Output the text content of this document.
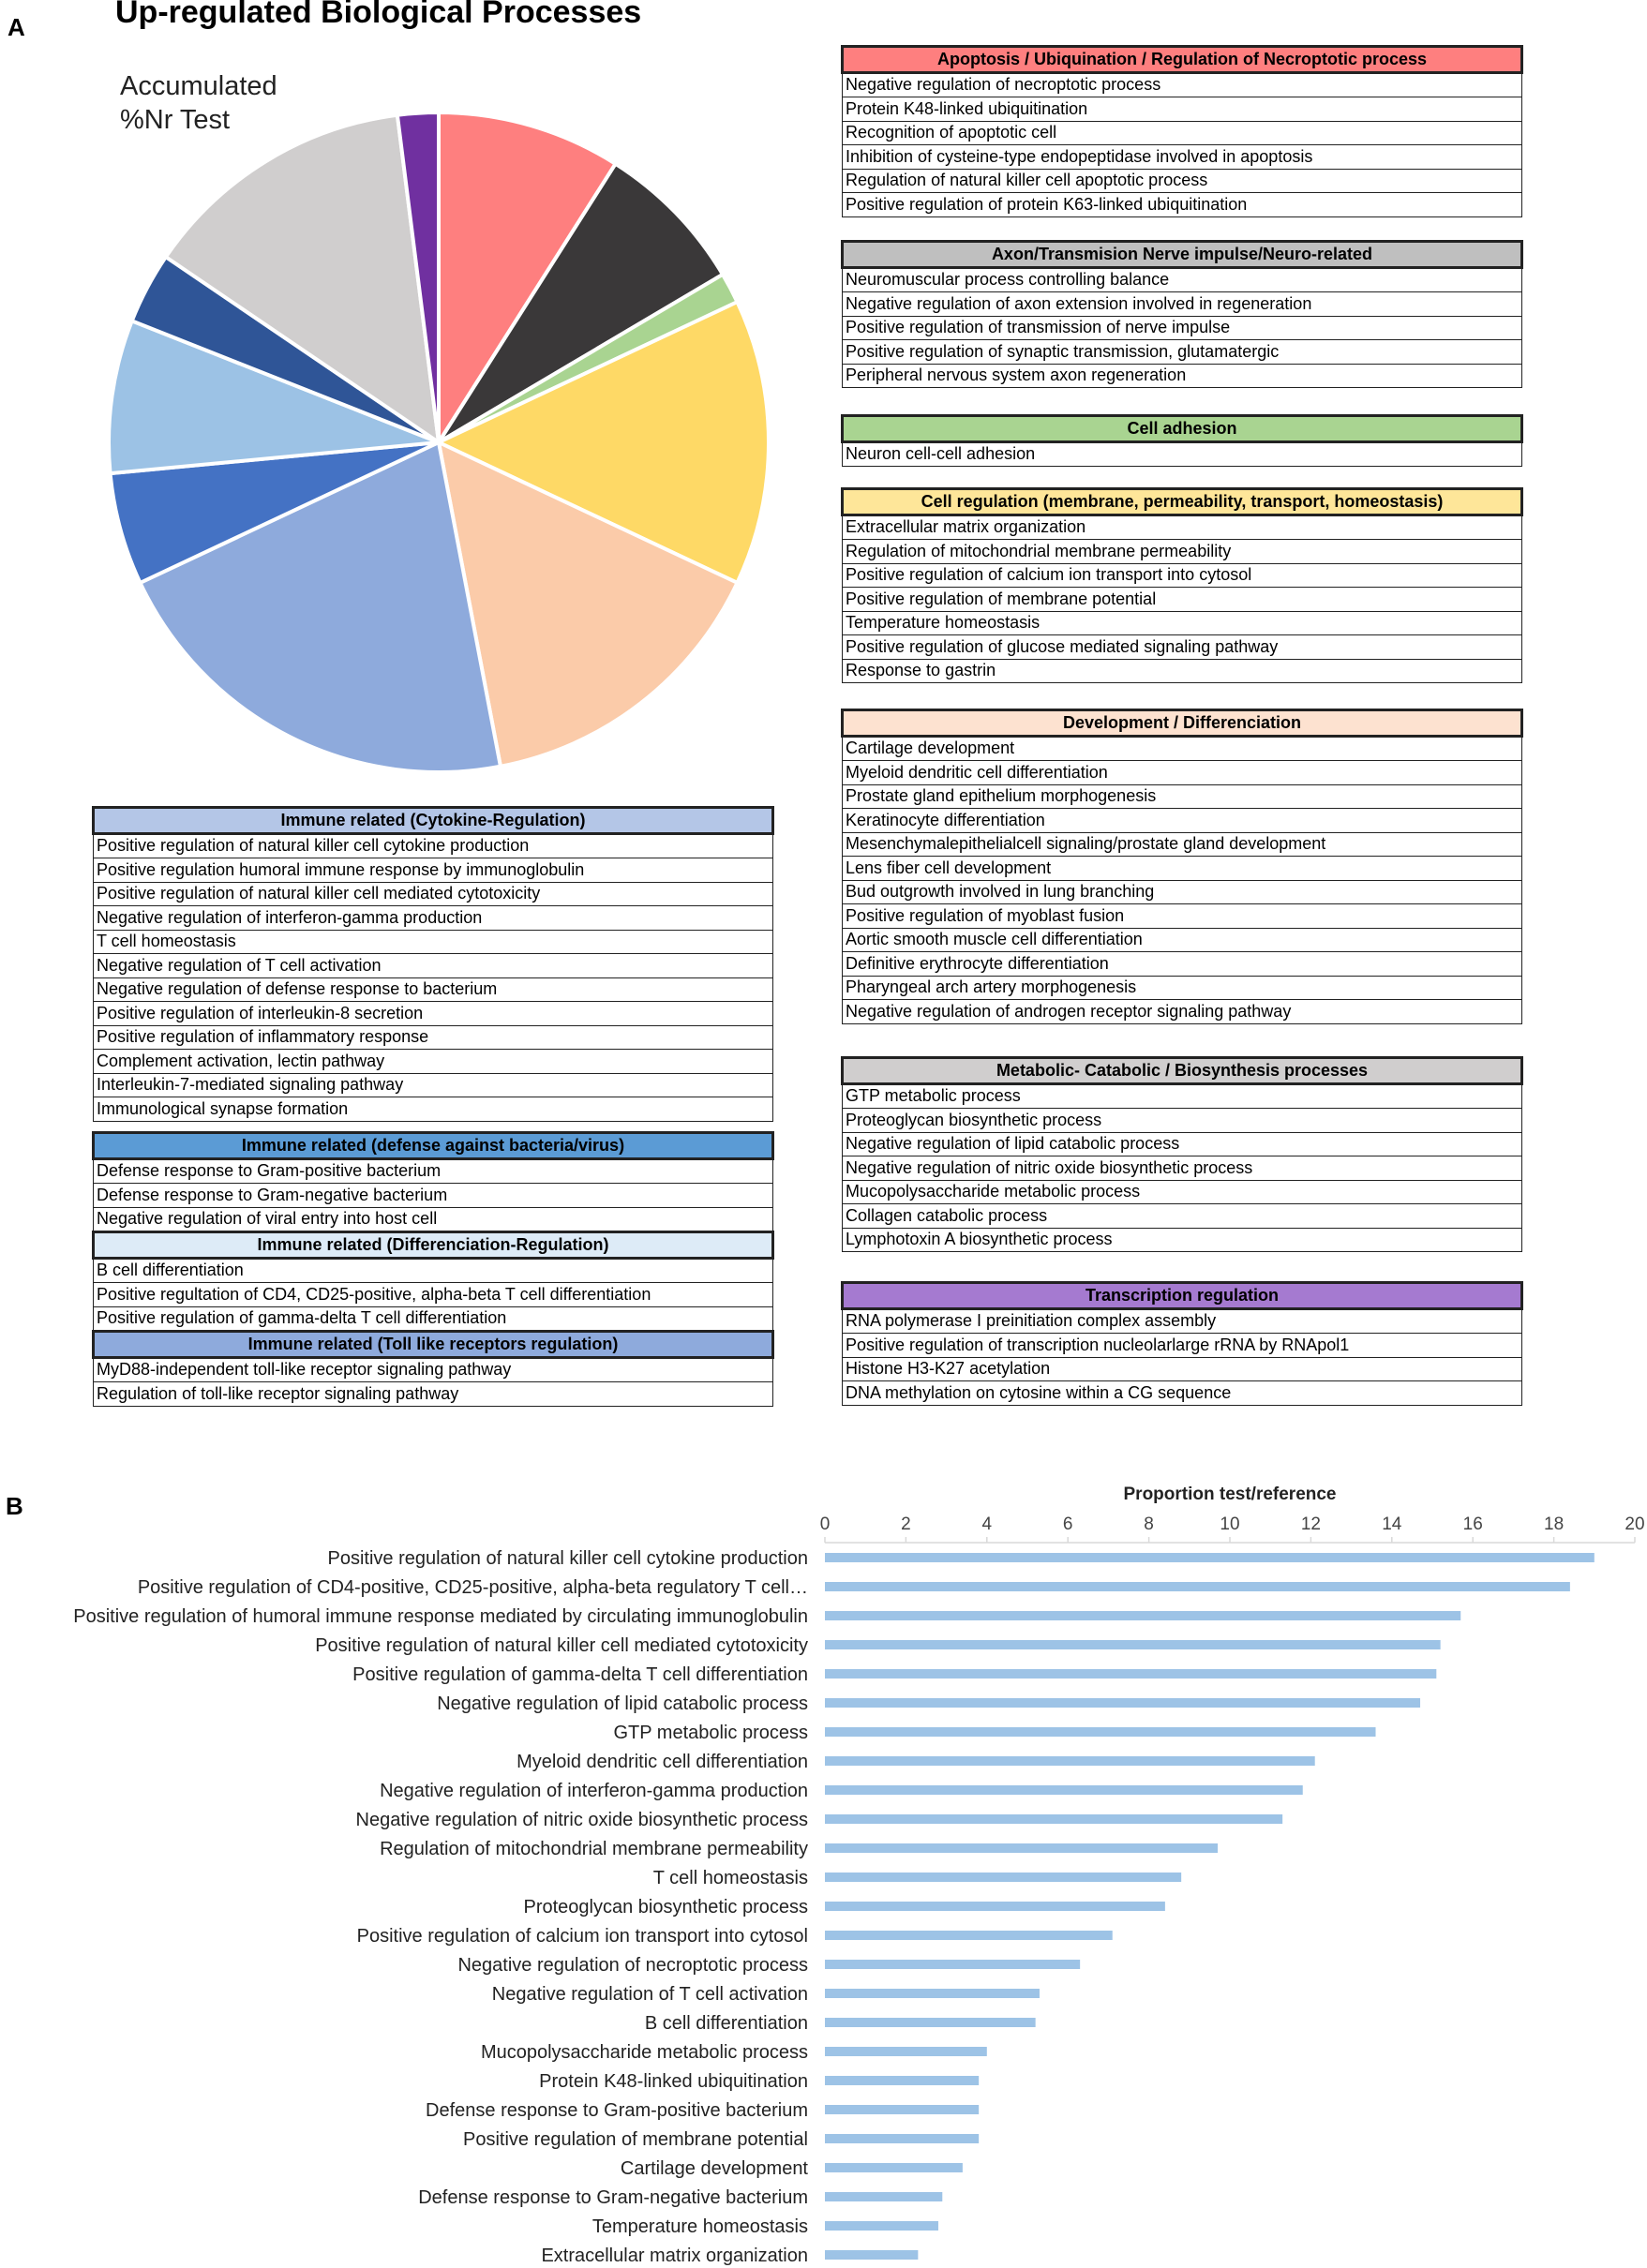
A	Up-regulated Biological Processes
Accumulated
%Nr Test
Apoptosis / Ubiquination / Regulation of Necroptotic process
Negative regulation of necroptotic process
Protein K48-linked ubiquitination
Recognition of apoptotic cell
Inhibition of cysteine-type endopeptidase involved in apoptosis
Regulation of natural killer cell apoptotic process
Positive regulation of protein K63-linked ubiquitination
Axon/Transmision Nerve impulse/Neuro-related
Neuromuscular process controlling balance
Negative regulation of axon extension involved in regeneration
Positive regulation of transmission of nerve impulse
Positive regulation of synaptic transmission, glutamatergic
Peripheral nervous system axon regeneration
Cell adhesion
Neuron cell-cell adhesion
Cell regulation (membrane, permeability, transport, homeostasis)
Extracellular matrix organization
Regulation of mitochondrial membrane permeability
Positive regulation of calcium ion transport into cytosol
Positive regulation of membrane potential
Temperature homeostasis
Positive regulation of glucose mediated signaling pathway
Response to gastrin
Development / Differenciation
Cartilage development
Myeloid dendritic cell differentiation
Prostate gland epithelium morphogenesis
Keratinocyte differentiation
Mesenchymalepithelialcell signaling/prostate gland development
Lens fiber cell development
Bud outgrowth involved in lung branching
Positive regulation of myoblast fusion
Aortic smooth muscle cell differentiation
Definitive erythrocyte differentiation
Pharyngeal arch artery morphogenesis
Negative regulation of androgen receptor signaling pathway
Metabolic- Catabolic / Biosynthesis processes
GTP metabolic process
Proteoglycan biosynthetic process
Negative regulation of lipid catabolic process
Negative regulation of nitric oxide biosynthetic process
Mucopolysaccharide metabolic process
Collagen catabolic process
Lymphotoxin A biosynthetic process
Transcription regulation
RNA polymerase I preinitiation complex assembly
Positive regulation of transcription nucleolarlarge rRNA by RNApol1
Histone H3-K27 acetylation
DNA methylation on cytosine within a CG sequence
Immune related (Cytokine-Regulation)
Positive regulation of natural killer cell cytokine production
Positive regulation humoral immune response by immunoglobulin
Positive regulation of natural killer cell mediated cytotoxicity
Negative regulation of interferon-gamma production
T cell homeostasis
Negative regulation of T cell activation
Negative regulation of defense response to bacterium
Positive regulation of interleukin-8 secretion
Positive regulation of inflammatory response
Complement activation, lectin pathway
Interleukin-7-mediated signaling pathway
Immunological synapse formation
Immune related (defense against bacteria/virus)
Defense response to Gram-positive bacterium
Defense response to Gram-negative bacterium
Negative regulation of viral entry into host cell
Immune related (Differenciation-Regulation)
B cell differentiation
Positive regultation of CD4, CD25-positive, alpha-beta T cell differentiation
Positive regulation of gamma-delta T cell differentiation
Immune related (Toll like receptors regulation)
MyD88-independent toll-like receptor signaling pathway
Regulation of toll-like receptor signaling pathway
B	Proportion test/reference
0	2	4	6	8	10	12	14	16	18	20
Positive regulation of natural killer cell cytokine production
Positive regulation of CD4-positive, CD25-positive, alpha-beta regulatory T cell…
Positive regulation of humoral immune response mediated by circulating immunoglobulin
Positive regulation of natural killer cell mediated cytotoxicity
Positive regulation of gamma-delta T cell differentiation
Negative regulation of lipid catabolic process
GTP metabolic process
Myeloid dendritic cell differentiation
Negative regulation of interferon-gamma production
Negative regulation of nitric oxide biosynthetic process
Regulation of mitochondrial membrane permeability
T cell homeostasis
Proteoglycan biosynthetic process
Positive regulation of calcium ion transport into cytosol
Negative regulation of necroptotic process
Negative regulation of T cell activation
B cell differentiation
Mucopolysaccharide metabolic process
Protein K48-linked ubiquitination
Defense response to Gram-positive bacterium
Positive regulation of membrane potential
Cartilage development
Defense response to Gram-negative bacterium
Temperature homeostasis
Extracellular matrix organization
